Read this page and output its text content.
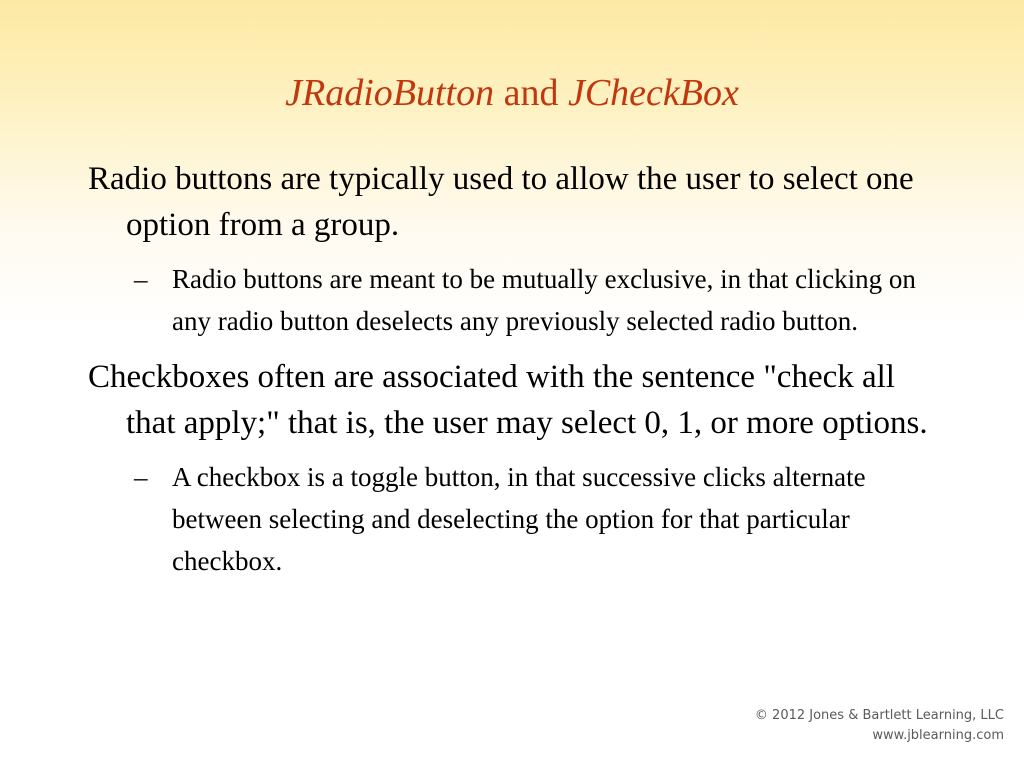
JRadioButton and JCheckBox
Radio buttons are typically used to allow the user to select one option from a group.
– Radio buttons are meant to be mutually exclusive, in that clicking on any radio button deselects any previously selected radio button.
Checkboxes often are associated with the sentence "check all that apply;" that is, the user may select 0, 1, or more options.
– A checkbox is a toggle button, in that successive clicks alternate between selecting and deselecting the option for that particular checkbox.
© 2012 Jones & Bartlett Learning, LLC
www.jblearning.com
